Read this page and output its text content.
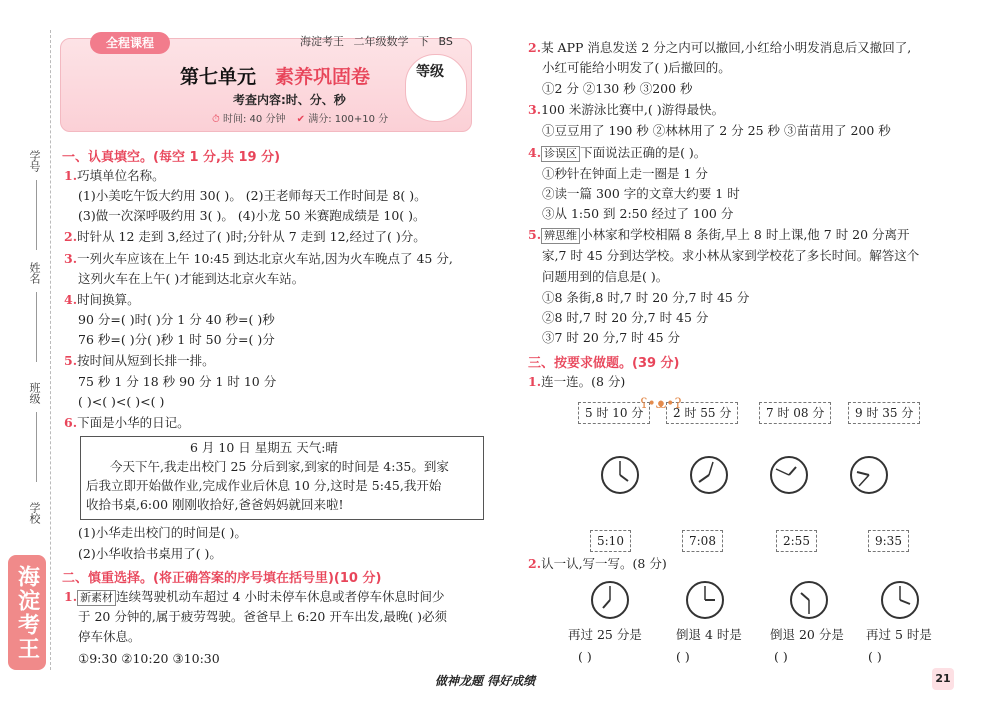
学号
姓名
班级
学校
海淀考王
全程课程	海淀考王 二年级数学 下 BS
第七单元 素养巩固卷
考查内容:时、分、秒
⏱ 时间: 40 分钟 ✔ 满分: 100+10 分
等级
一、认真填空。(每空 1 分,共 19 分)
1.巧填单位名称。
(1)小美吃午饭大约用 30( )。 (2)王老师每天工作时间是 8( )。
(3)做一次深呼吸约用 3( )。 (4)小龙 50 米赛跑成绩是 10( )。
2.时针从 12 走到 3,经过了( )时;分针从 7 走到 12,经过了( )分。
3.一列火车应该在上午 10:45 到达北京火车站,因为火车晚点了 45 分,
这列火车在上午( )才能到达北京火车站。
4.时间换算。
90 分=( )时( )分 1 分 40 秒=( )秒
76 秒=( )分( )秒 1 时 50 分=( )分
5.按时间从短到长排一排。
75 秒 1 分 18 秒 90 分 1 时 10 分
( )<( )<( )<( )
6.下面是小华的日记。
6 月 10 日 星期五 天气:晴
今天下午,我走出校门 25 分后到家,到家的时间是 4:35。到家
后我立即开始做作业,完成作业后休息 10 分,这时是 5:45,我开始
收拾书桌,6:00 刚刚收拾好,爸爸妈妈就回来啦!
(1)小华走出校门的时间是( )。
(2)小华收拾书桌用了( )。
二、慎重选择。(将正确答案的序号填在括号里)(10 分)
1. 新素材 连续驾驶机动车超过 4 小时未停车休息或者停车休息时间少
于 20 分钟的,属于疲劳驾驶。爸爸早上 6:20 开车出发,最晚( )必须
停车休息。
①9:30 ②10:20 ③10:30
2.某 APP 消息发送 2 分之内可以撤回,小红给小明发消息后又撤回了,
小红可能给小明发了( )后撤回的。
①2 分 ②130 秒 ③200 秒
3.100 米游泳比赛中,( )游得最快。
①豆豆用了 190 秒 ②林林用了 2 分 25 秒 ③苗苗用了 200 秒
4. 诊误区 下面说法正确的是( )。
①秒针在钟面上走一圈是 1 分
②读一篇 300 字的文章大约要 1 时
③从 1:50 到 2:50 经过了 100 分
5. 辨思维 小林家和学校相隔 8 条街,早上 8 时上课,他 7 时 20 分离开
家,7 时 45 分到达学校。求小林从家到学校花了多长时间。解答这个
问题用到的信息是( )。
①8 条街,8 时,7 时 20 分,7 时 45 分
②8 时,7 时 20 分,7 时 45 分
③7 时 20 分,7 时 45 分
三、按要求做题。(39 分)
1.连一连。(8 分)
5 时 10 分	2 时 55 分	7 时 08 分	9 时 35 分
ʕ•ᴥ•ʔ
5:10	7:08	2:55	9:35
2.认一认,写一写。(8 分)
再过 25 分是	倒退 4 时是 倒退 20 分是 再过 5 时是
( )	( )	( )	( )
做神龙题 得好成绩	21
